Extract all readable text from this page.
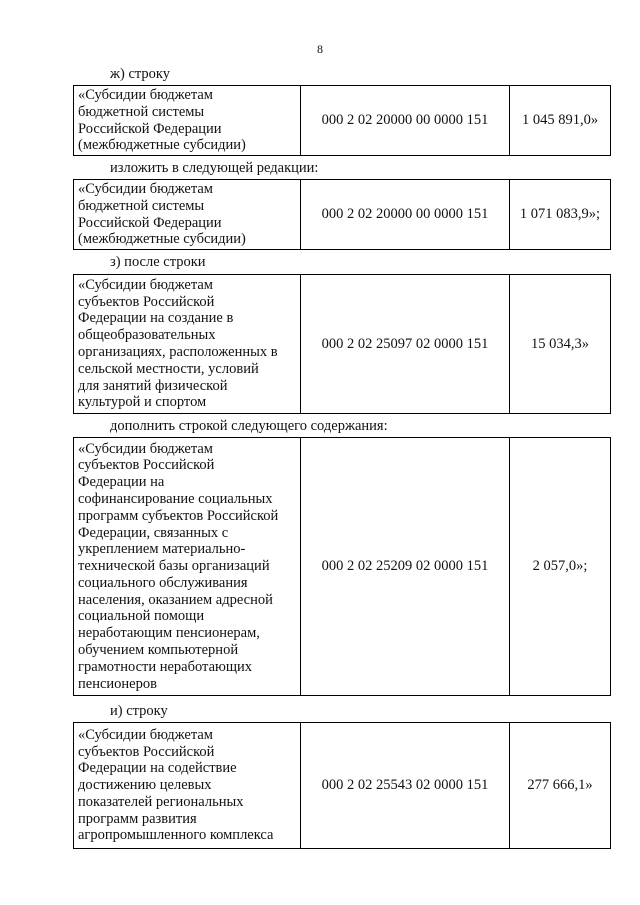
8
ж) строку
«Субсидии бюджетам
бюджетной системы
Российской Федерации
(межбюджетные субсидии)
	000 2 02 20000 00 0000 151	1 045 891,0»
изложить в следующей редакции:
«Субсидии бюджетам
бюджетной системы
Российской Федерации
(межбюджетные субсидии)
	000 2 02 20000 00 0000 151	1 071 083,9»;
з) после строки
«Субсидии бюджетам
субъектов Российской
Федерации на создание в
общеобразовательных
организациях, расположенных в
сельской местности, условий
для занятий физической
культурой и спортом
	000 2 02 25097 02 0000 151	15 034,3»
дополнить строкой следующего содержания:
«Субсидии бюджетам
субъектов Российской
Федерации на
софинансирование социальных
программ субъектов Российской
Федерации, связанных с
укреплением материально-
технической базы организаций
социального обслуживания
населения, оказанием адресной
социальной помощи
неработающим пенсионерам,
обучением компьютерной
грамотности неработающих
пенсионеров
	000 2 02 25209 02 0000 151	2 057,0»;
и) строку
«Субсидии бюджетам
субъектов Российской
Федерации на содействие
достижению целевых
показателей региональных
программ развития
агропромышленного комплекса
	000 2 02 25543 02 0000 151	277 666,1»
